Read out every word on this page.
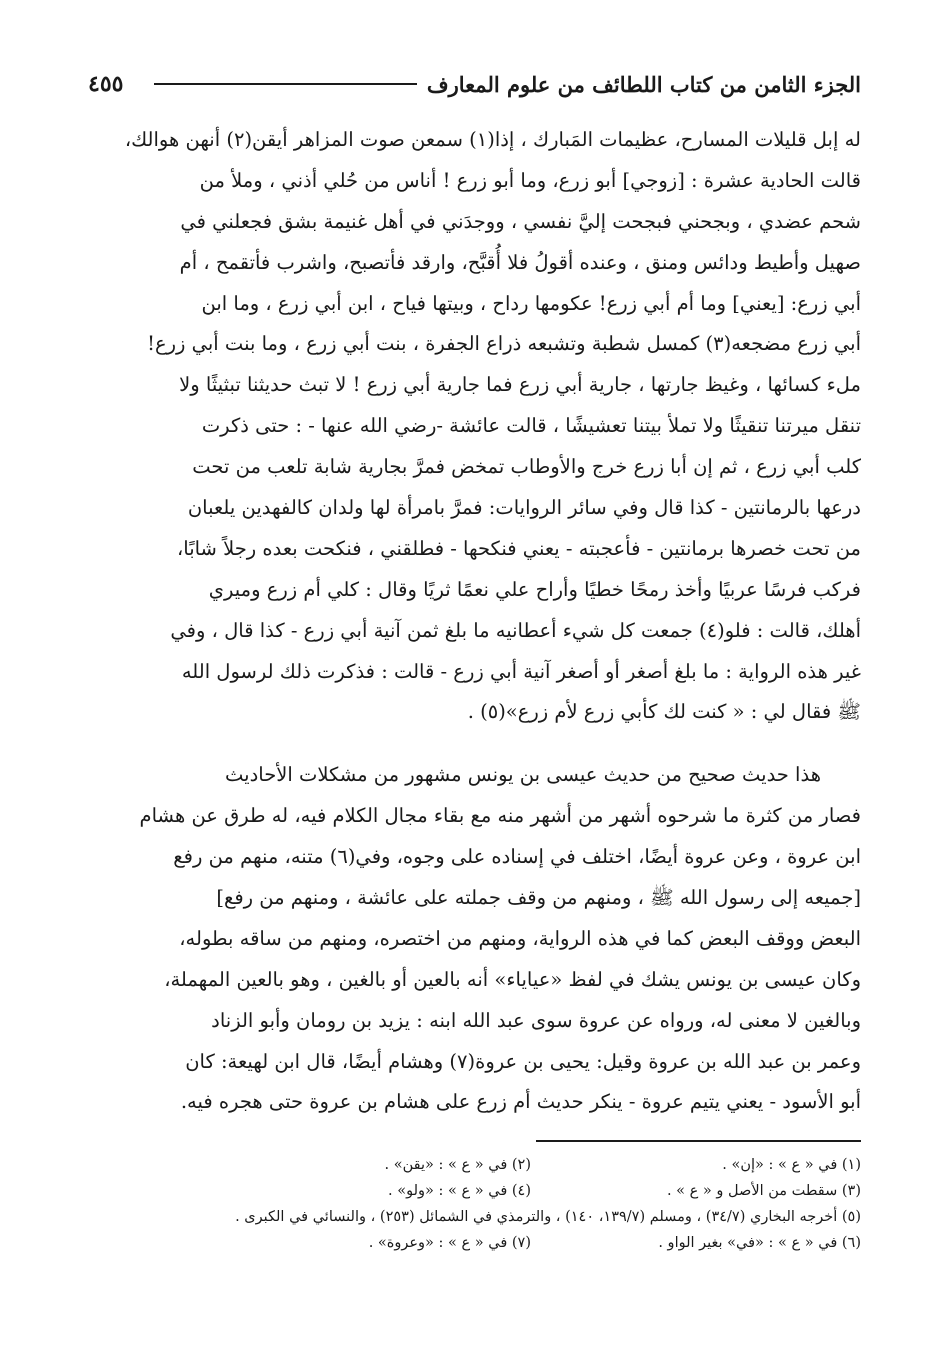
٤٥٥	الجزء الثامن من كتاب اللطائف من علوم المعارف
له إبل قليلات المسارح، عظيمات المَبارك ، إذا(١) سمعن صوت المزاهر أيقن(٢) أنهن هوالك،
قالت الحادية عشرة : [زوجي] أبو زرع، وما أبو زرع ! أناس من حُلي أذني ، وملأ من
شحم عضدي ، وبجحني فبجحت إليَّ نفسي ، ووجدَني في أهل غنيمة بشق فجعلني في
صهيل وأطيط ودائس ومنق ، وعنده أقولُ فلا أُقبَّح، وارقد فأتصبح، واشرب فأتقمح ، أم
أبي زرع: [يعني] وما أم أبي زرع! عكومها رداح ، وبيتها فياح ، ابن أبي زرع ، وما ابن
أبي زرع مضجعه(٣) كمسل شطبة وتشبعه ذراع الجفرة ، بنت أبي زرع ، وما بنت أبي زرع!
ملء كسائها ، وغيظ جارتها ، جارية أبي زرع فما جارية أبي زرع ! لا تبث حديثنا تبثيثًا ولا
تنقل ميرتنا تنقيثًا ولا تملأ بيتنا تعشيشًا ، قالت عائشة -رضي الله عنها - : حتى ذكرت
كلب أبي زرع ، ثم إن أبا زرع خرج والأوطاب تمخض فمرَّ بجارية شابة تلعب من تحت
درعها بالرمانتين - كذا قال وفي سائر الروايات: فمرَّ بامرأة لها ولدان كالفهدين يلعبان
من تحت خصرها برمانتين - فأعجبته - يعني فنكحها - فطلقني ، فنكحت بعده رجلاً شابًا،
فركب فرسًا عربيًا وأخذ رمحًا خطيًا وأراح علي نعمًا ثريًا وقال : كلي أم زرع وميري
أهلك، قالت : فلو(٤) جمعت كل شيء أعطانيه ما بلغ ثمن آنية أبي زرع - كذا قال ، وفي
غير هذه الرواية : ما بلغ أصغر أو أصغر آنية أبي زرع - قالت : فذكرت ذلك لرسول الله
ﷺ فقال لي : « كنت لك كأبي زرع لأم زرع»(٥) .
هذا حديث صحيح من حديث عيسى بن يونس مشهور من مشكلات الأحاديث
فصار من كثرة ما شرحوه أشهر من أشهر منه مع بقاء مجال الكلام فيه، له طرق عن هشام
ابن عروة ، وعن عروة أيضًا، اختلف في إسناده على وجوه، وفي(٦) متنه، منهم من رفع
[جميعه إلى رسول الله ﷺ ، ومنهم من وقف جملته على عائشة ، ومنهم من رفع]
البعض ووقف البعض كما في هذه الرواية، ومنهم من اختصره، ومنهم من ساقه بطوله،
وكان عيسى بن يونس يشك في لفظ «عياياء» أنه بالعين أو بالغين ، وهو بالعين المهملة،
وبالغين لا معنى له، ورواه عن عروة سوى عبد الله ابنه : يزيد بن رومان وأبو الزناد
وعمر بن عبد الله بن عروة وقيل: يحيى بن عروة(٧) وهشام أيضًا، قال ابن لهيعة: كان
أبو الأسود - يعني يتيم عروة - ينكر حديث أم زرع على هشام بن عروة حتى هجره فيه.
(١) في « ع » : «إن» .
(٢) في « ع » : «يقن» .
(٣) سقطت من الأصل و « ع » .
(٤) في « ع » : «ولو» .
(٥) أخرجه البخاري (٣٤/٧) ، ومسلم (١٣٩/٧، ١٤٠) ، والترمذي في الشمائل (٢٥٣) ، والنسائي في الكبرى .
(٦) في « ع » : «في» بغير الواو .
(٧) في « ع » : «وعروة» .
